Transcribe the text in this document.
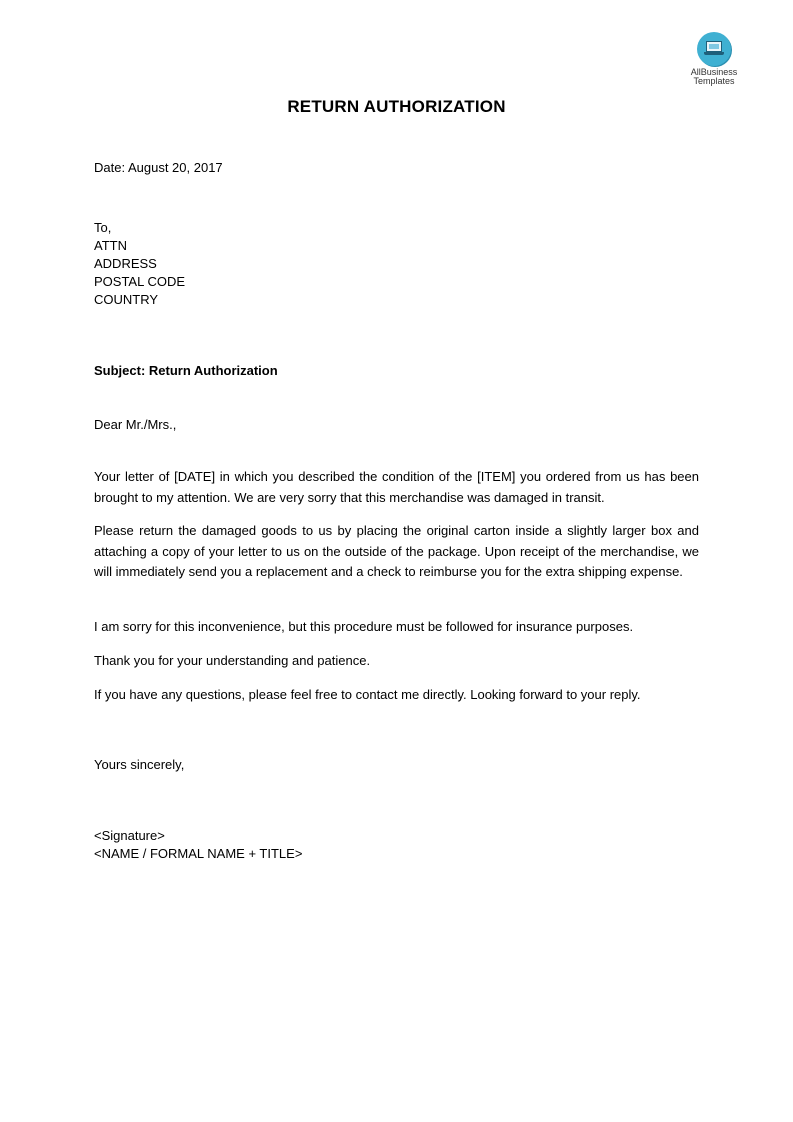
AllBusiness
Templates
RETURN AUTHORIZATION
Date: August 20, 2017
To,
ATTN
ADDRESS
POSTAL CODE
COUNTRY
Subject: Return Authorization
Dear Mr./Mrs.,
Your letter of [DATE] in which you described the condition of the [ITEM] you ordered from us has been brought to my attention. We are very sorry that this merchandise was damaged in transit.
Please return the damaged goods to us by placing the original carton inside a slightly larger box and attaching a copy of your letter to us on the outside of the package. Upon receipt of the merchandise, we will immediately send you a replacement and a check to reimburse you for the extra shipping expense.
I am sorry for this inconvenience, but this procedure must be followed for insurance purposes.
Thank you for your understanding and patience.
If you have any questions, please feel free to contact me directly. Looking forward to your reply.
Yours sincerely,
<Signature>
<NAME / FORMAL NAME + TITLE>
